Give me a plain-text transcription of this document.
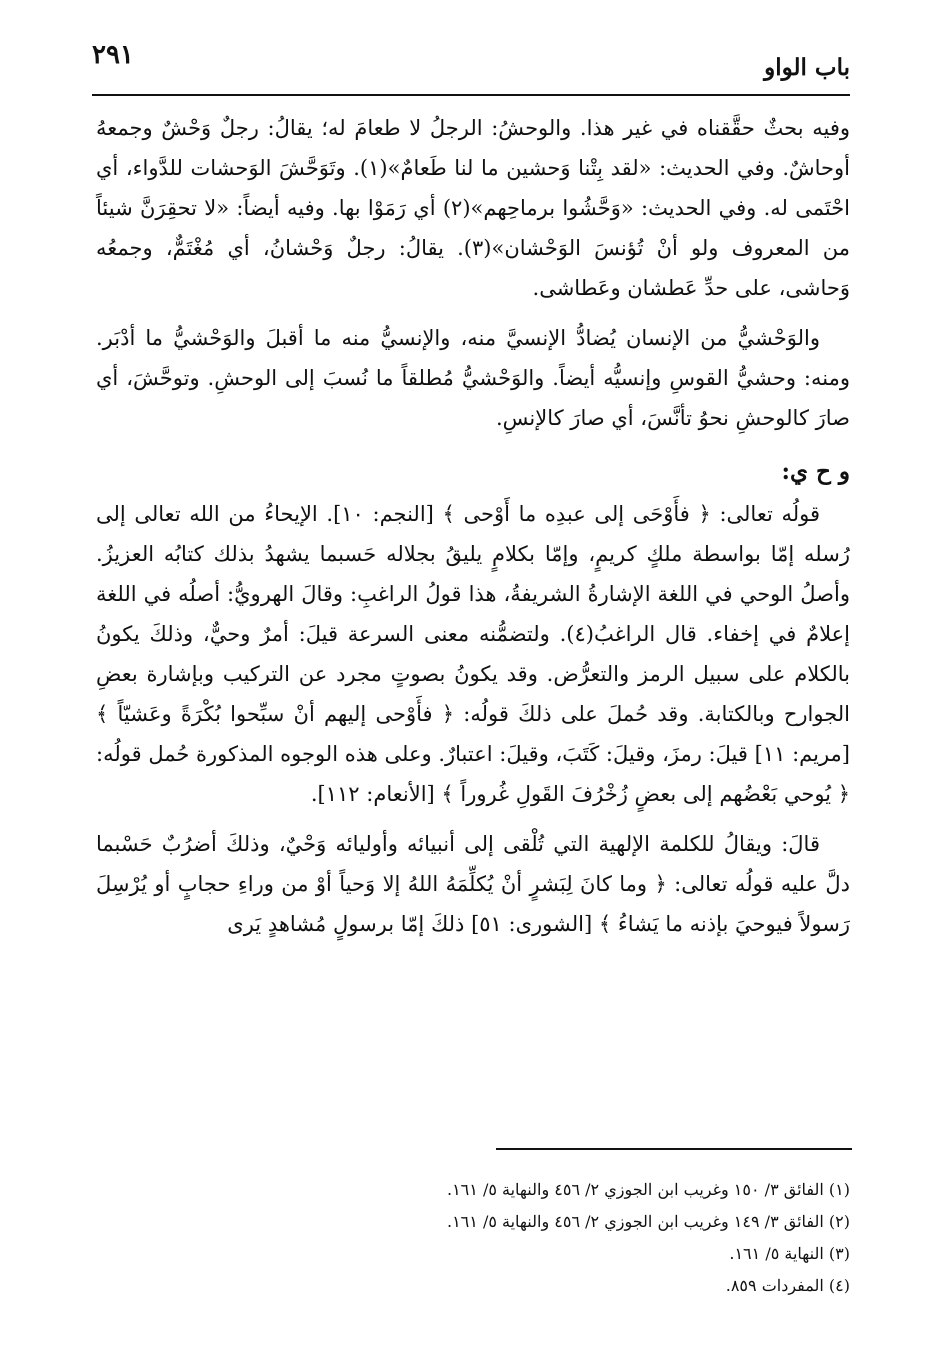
٢٩١	باب الواو

وفيه بحثٌ حقَّقناه في غير هذا. والوحشُ: الرجلُ لا طعامَ له؛ يقالُ: رجلٌ وَحْشٌ وجمعهُ أوحاشٌ. وفي الحديث: «لقد بِتْنا وَحشين ما لنا طَعامٌ»(١). وتَوَحَّشَ الوَحشات للدَّواء، أي احْتَمى له. وفي الحديث: «وَحَّشُوا برماحِهم»(٢) أي رَمَوْا بها. وفيه أيضاً: «لا تحقِرَنَّ شيئاً من المعروف ولو أنْ تُؤنسَ الوَحْشان»(٣). يقالُ: رجلٌ وَحْشانُ، أي مُغْتَمٌّ، وجمعُه وَحاشى، على حدِّ عَطشان وعَطاشى.

والوَحْشيُّ من الإنسان يُضادُّ الإنسيَّ منه، والإنسيُّ منه ما أقبلَ والوَحْشيُّ ما أدْبَر. ومنه: وحشيُّ القوسِ وإنسيُّه أيضاً. والوَحْشيُّ مُطلقاً ما نُسبَ إلى الوحشِ. وتوحَّشَ، أي صارَ كالوحشِ نحوُ تأنَّسَ، أي صارَ كالإنسِ.

و ح ي:

قولُه تعالى: ﴿ فأَوْحَى إلى عبدِه ما أَوْحى ﴾ [النجم: ١٠]. الإيحاءُ من الله تعالى إلى رُسله إمّا بواسطة ملكٍ كريمٍ، وإمّا بكلامٍ يليقُ بجلاله حَسبما يشهدُ بذلك كتابُه العزيزُ. وأصلُ الوحي في اللغة الإشارةُ الشريفةُ، هذا قولُ الراغبِ: وقالَ الهرويُّ: أصلُه في اللغة إعلامٌ في إخفاء. قال الراغبُ(٤). ولتضمُّنه معنى السرعة قيلَ: أمرٌ وحيٌّ، وذلكَ يكونُ بالكلام على سبيل الرمز والتعرُّض. وقد يكونُ بصوتٍ مجرد عن التركيب وبإشارة بعضِ الجوارح وبالكتابة. وقد حُملَ على ذلكَ قولُه: ﴿ فأَوْحى إليهم أنْ سبِّحوا بُكْرَةً وعَشيّاً ﴾ [مريم: ١١] قيلَ: رمزَ، وقيلَ: كَتَبَ، وقيلَ: اعتبارٌ. وعلى هذه الوجوه المذكورة حُمل قولُه: ﴿ يُوحي بَعْضُهم إلى بعضٍ زُخْرُفَ القَولِ غُروراً ﴾ [الأنعام: ١١٢].

قالَ: ويقالُ للكلمة الإلهية التي تُلْقى إلى أنبيائه وأوليائه وَحْيٌ، وذلكَ أضرُبٌ حَسْبما دلَّ عليه قولُه تعالى: ﴿ وما كانَ لِبَشرٍ أنْ يُكلِّمَهُ اللهُ إلا وَحياً أوْ من وراءِ حجابٍ أو يُرْسِلَ رَسولاً فيوحيَ بإذنه ما يَشاءُ ﴾ [الشورى: ٥١] ذلكَ إمّا برسولٍ مُشاهدٍ يَرى

(١) الفائق ٣/ ١٥٠ وغريب ابن الجوزي ٢/ ٤٥٦ والنهاية ٥/ ١٦١.

(٢) الفائق ٣/ ١٤٩ وغريب ابن الجوزي ٢/ ٤٥٦ والنهاية ٥/ ١٦١.

(٣) النهاية ٥/ ١٦١.

(٤) المفردات ٨٥٩.
